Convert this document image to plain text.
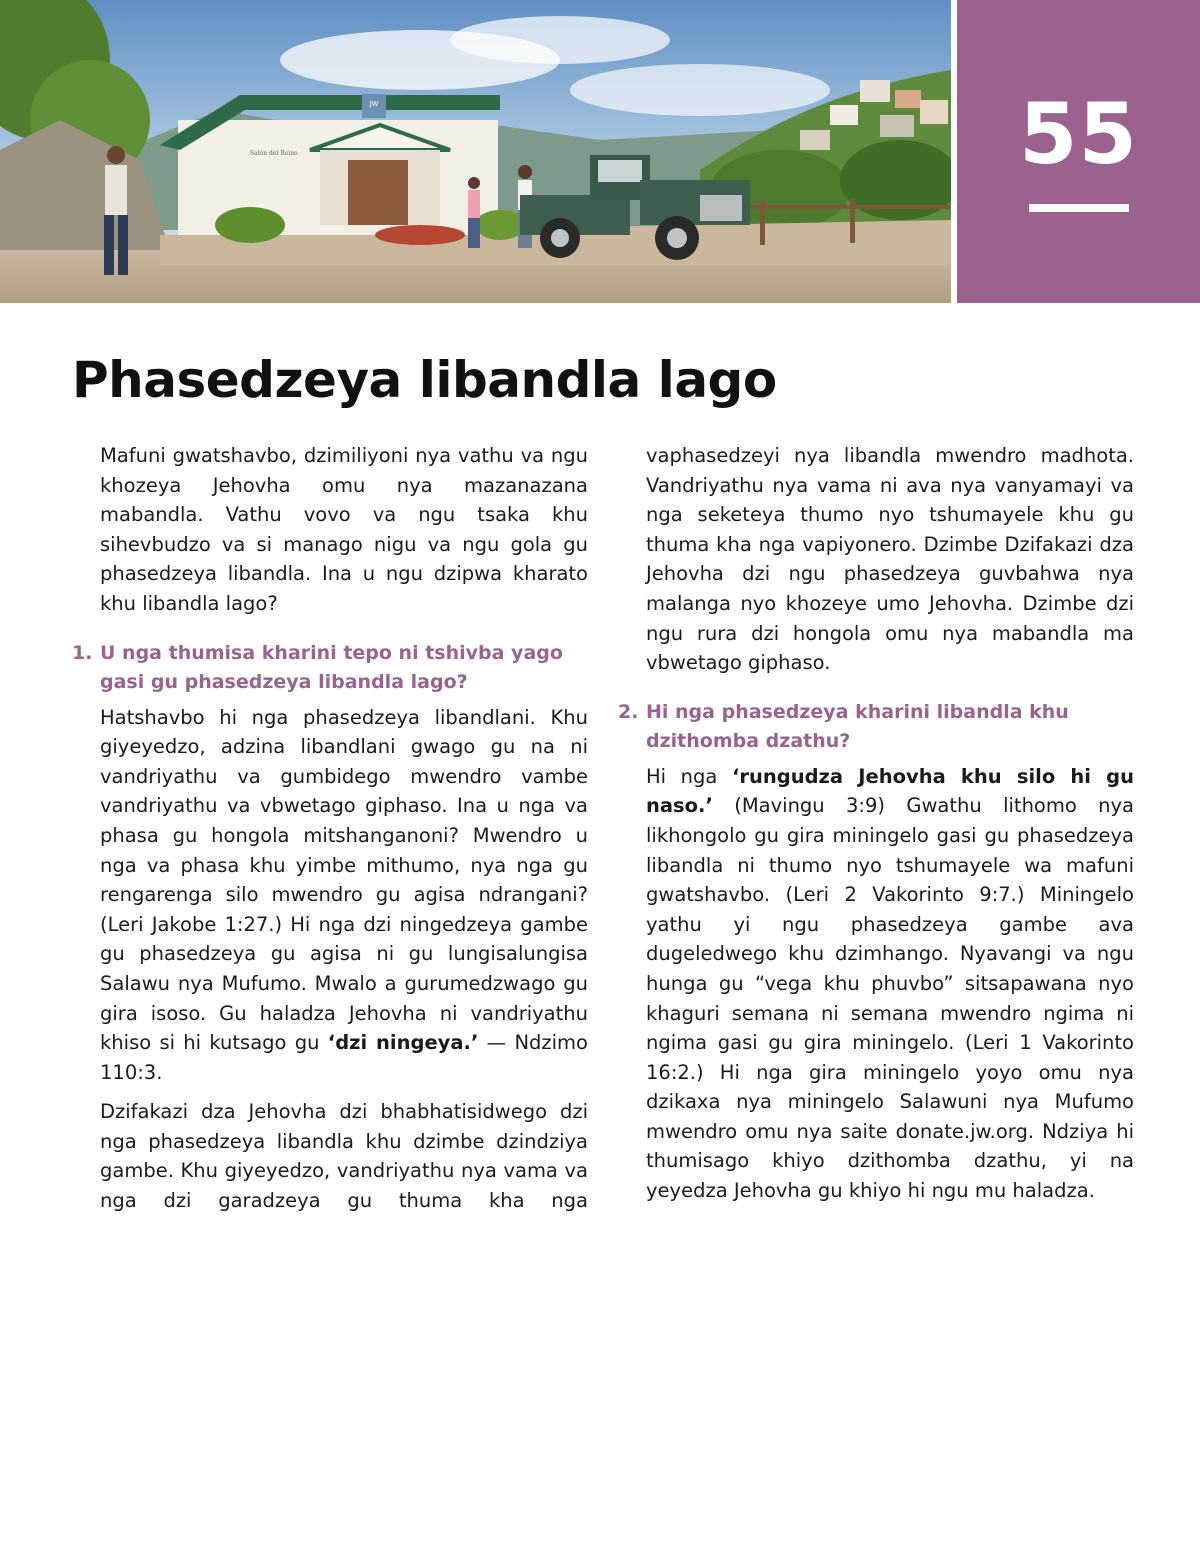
JW
Salón del Reino	55
Phasedzeya libandla lago

Mafuni gwatshavbo, dzimiliyoni nya vathu va ngu khozeya Jehovha omu nya mazanazana mabandla. Vathu vovo va ngu tsaka khu sihevbudzo va si manago nigu va ngu gola gu phasedzeya libandla. Ina u ngu dzipwa kharato khu libandla lago?

1. U nga thumisa kharini tepo ni tshivba yago gasi gu phasedzeya libandla lago?

Hatshavbo hi nga phasedzeya libandlani. Khu giyeyedzo, adzina libandlani gwago gu na ni vandriyathu va gumbidego mwendro vambe vandriyathu va vbwetago giphaso. Ina u nga va phasa gu hongola mitshanganoni? Mwendro u nga va phasa khu yimbe mithumo, nya nga gu rengarenga silo mwendro gu agisa ndrangani? (Leri Jakobe 1:27.) Hi nga dzi ningedzeya gambe gu phasedzeya gu agisa ni gu lungisalungisa Salawu nya Mufumo. Mwalo a gurumedzwago gu gira isoso. Gu haladza Jehovha ni vandriyathu khiso si hi kutsago gu ‘dzi ningeya.’ — Ndzimo 110:3.

Dzifakazi dza Jehovha dzi bhabhatisidwego dzi nga phasedzeya libandla khu dzimbe dzindziya gambe. Khu giyeyedzo, vandriyathu nya vama va nga dzi garadzeya gu thuma kha nga

vaphasedzeyi nya libandla mwendro madhota. Vandriyathu nya vama ni ava nya vanyamayi va nga seketeya thumo nyo tshumayele khu gu thuma kha nga vapiyonero. Dzimbe Dzifakazi dza Jehovha dzi ngu phasedzeya guvbahwa nya malanga nyo khozeye umo Jehovha. Dzimbe dzi ngu rura dzi hongola omu nya mabandla ma vbwetago giphaso.

2. Hi nga phasedzeya kharini libandla khu dzithomba dzathu?

Hi nga ‘rungudza Jehovha khu silo hi gu naso.’ (Mavingu 3:9) Gwathu lithomo nya likhongolo gu gira miningelo gasi gu phasedzeya libandla ni thumo nyo tshumayele wa mafuni gwatshavbo. (Leri 2 Vakorinto 9:7.) Miningelo yathu yi ngu phasedzeya gambe ava dugeledwego khu dzimhango. Nyavangi va ngu hunga gu “vega khu phuvbo” sitsapawana nyo khaguri semana ni semana mwendro ngima ni ngima gasi gu gira miningelo. (Leri 1 Vakorinto 16:2.) Hi nga gira miningelo yoyo omu nya dzikaxa nya miningelo Salawuni nya Mufumo mwendro omu nya saite donate.jw.org. Ndziya hi thumisago khiyo dzithomba dzathu, yi na yeyedza Jehovha gu khiyo hi ngu mu haladza.
